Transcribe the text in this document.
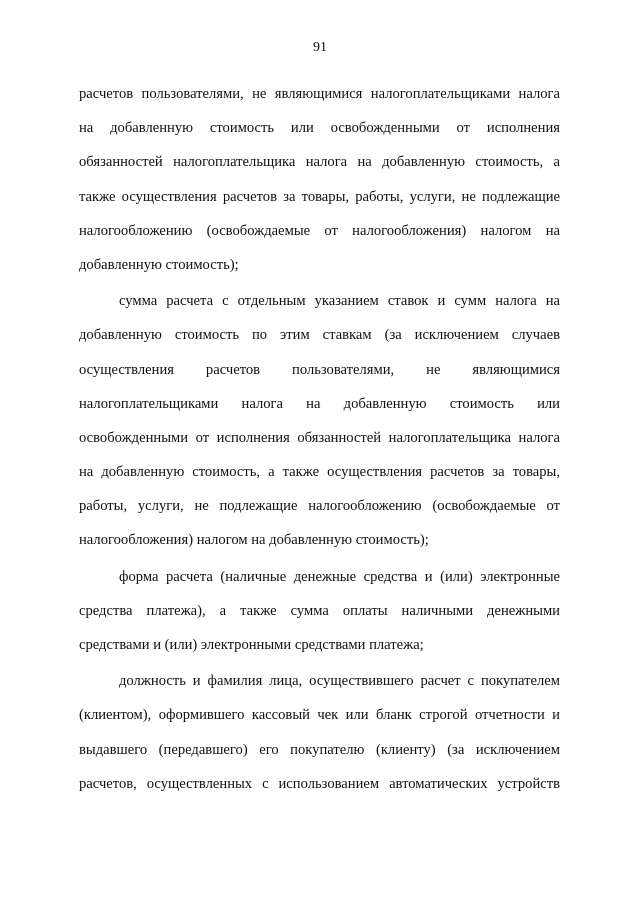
91
расчетов пользователями, не являющимися налогоплательщиками налога
на добавленную стоимость или освобожденными от исполнения
обязанностей налогоплательщика налога на добавленную стоимость, а
также осуществления расчетов за товары, работы, услуги, не подлежащие
налогообложению (освобождаемые от налогообложения) налогом на
добавленную стоимость);
сумма расчета с отдельным указанием ставок и сумм налога на
добавленную стоимость по этим ставкам (за исключением случаев
осуществления расчетов пользователями, не являющимися
налогоплательщиками налога на добавленную стоимость или
освобожденными от исполнения обязанностей налогоплательщика налога
на добавленную стоимость, а также осуществления расчетов за товары,
работы, услуги, не подлежащие налогообложению (освобождаемые от
налогообложения) налогом на добавленную стоимость);
форма расчета (наличные денежные средства и (или) электронные
средства платежа), а также сумма оплаты наличными денежными
средствами и (или) электронными средствами платежа;
должность и фамилия лица, осуществившего расчет с покупателем
(клиентом), оформившего кассовый чек или бланк строгой отчетности и
выдавшего (передавшего) его покупателю (клиенту) (за исключением
расчетов, осуществленных с использованием автоматических устройств
